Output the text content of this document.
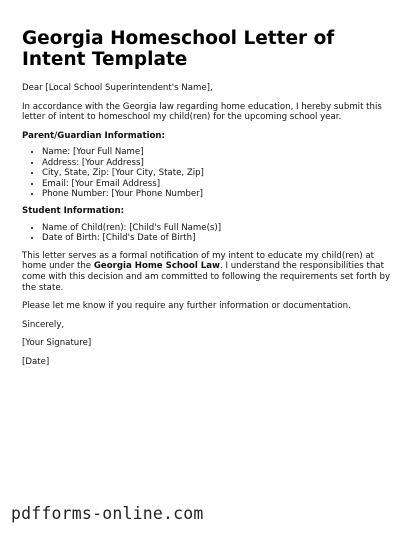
Georgia Homeschool Letter of Intent Template

Dear [Local School Superintendent's Name],

In accordance with the Georgia law regarding home education, I hereby submit this letter of intent to homeschool my child(ren) for the upcoming school year.

Parent/Guardian Information:
• Name: [Your Full Name]
• Address: [Your Address]
• City, State, Zip: [Your City, State, Zip]
• Email: [Your Email Address]
• Phone Number: [Your Phone Number]
Student Information:
• Name of Child(ren): [Child's Full Name(s)]
• Date of Birth: [Child's Date of Birth]

This letter serves as a formal notification of my intent to educate my child(ren) at home under the Georgia Home School Law. I understand the responsibilities that come with this decision and am committed to following the requirements set forth by the state.

Please let me know if you require any further information or documentation.

Sincerely,

[Your Signature]

[Date]

pdfforms-online.com
